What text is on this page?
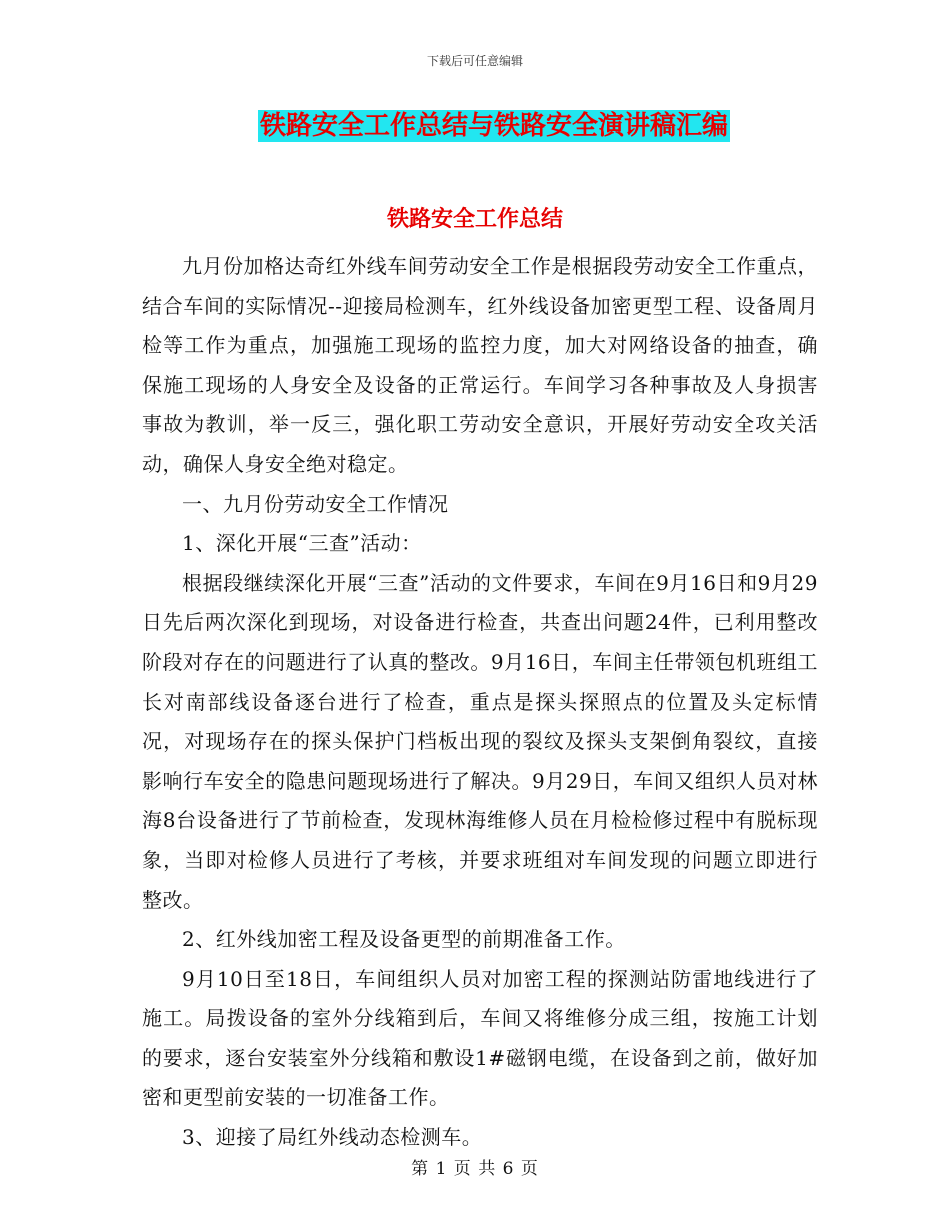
下载后可任意编辑
铁路安全工作总结与铁路安全演讲稿汇编
铁路安全工作总结

九月份加格达奇红外线车间劳动安全工作是根据段劳动安全工作重点，结合车间的实际情况--迎接局检测车，红外线设备加密更型工程、设备周月检等工作为重点，加强施工现场的监控力度，加大对网络设备的抽查，确保施工现场的人身安全及设备的正常运行。车间学习各种事故及人身损害事故为教训，举一反三，强化职工劳动安全意识，开展好劳动安全攻关活动，确保人身安全绝对稳定。

一、九月份劳动安全工作情况

1、深化开展“三查”活动：

根据段继续深化开展“三查”活动的文件要求，车间在9月16日和9月29日先后两次深化到现场，对设备进行检查，共查出问题24件，已利用整改阶段对存在的问题进行了认真的整改。9月16日，车间主任带领包机班组工长对南部线设备逐台进行了检查，重点是探头探照点的位置及头定标情况，对现场存在的探头保护门档板出现的裂纹及探头支架倒角裂纹，直接影响行车安全的隐患问题现场进行了解决。9月29日，车间又组织人员对林海8台设备进行了节前检查，发现林海维修人员在月检检修过程中有脱标现象，当即对检修人员进行了考核，并要求班组对车间发现的问题立即进行整改。

2、红外线加密工程及设备更型的前期准备工作。

9月10日至18日，车间组织人员对加密工程的探测站防雷地线进行了施工。局拨设备的室外分线箱到后，车间又将维修分成三组，按施工计划的要求，逐台安装室外分线箱和敷设1#磁钢电缆，在设备到之前，做好加密和更型前安装的一切准备工作。

3、迎接了局红外线动态检测车。

第 1 页 共 6 页
